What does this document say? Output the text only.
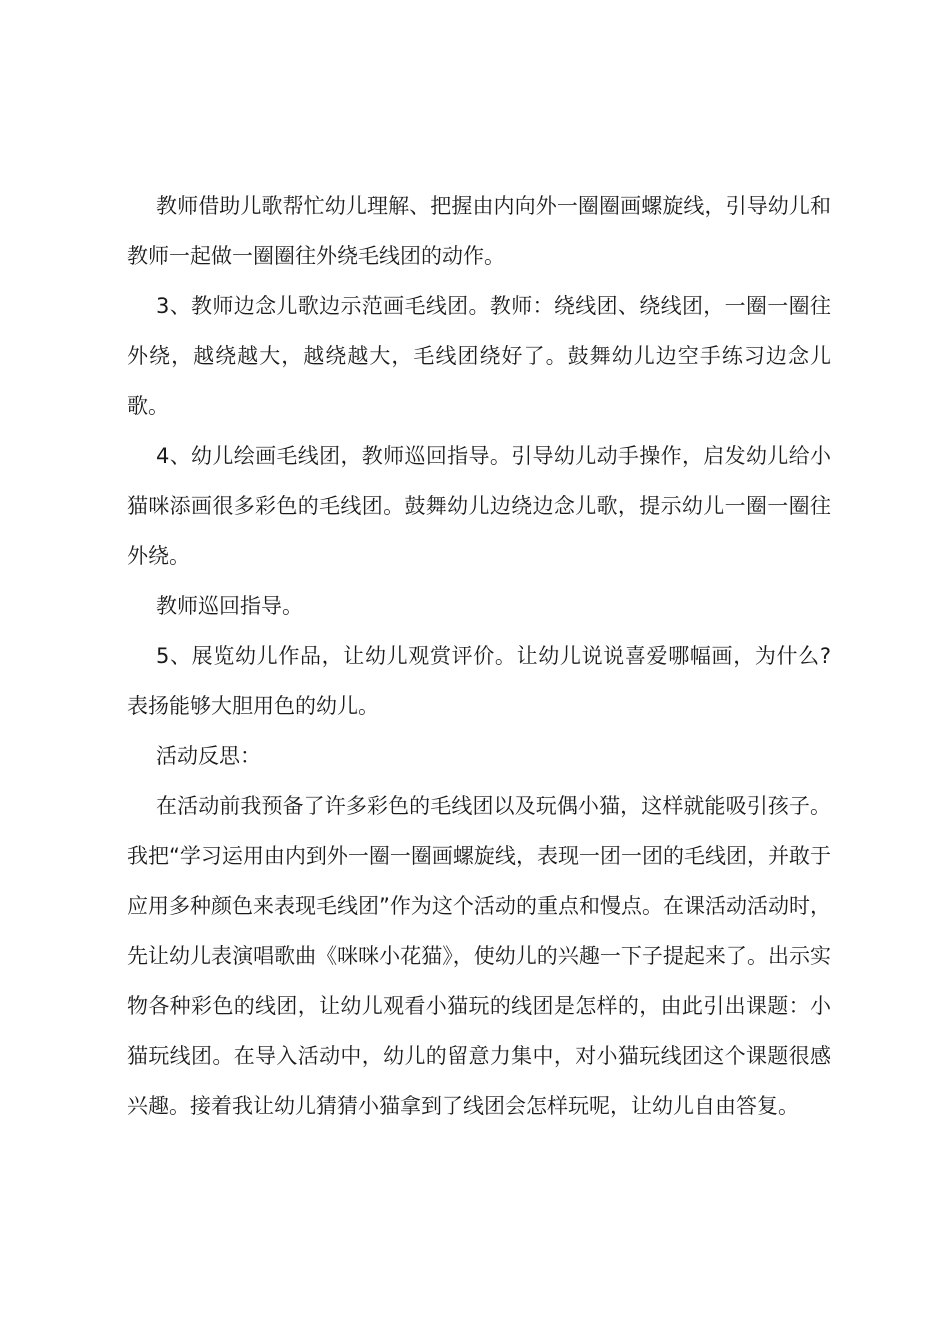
教师借助儿歌帮忙幼儿理解、把握由内向外一圈圈画螺旋线，引导幼儿和教师一起做一圈圈往外绕毛线团的动作。

3、教师边念儿歌边示范画毛线团。教师：绕线团、绕线团，一圈一圈往外绕，越绕越大，越绕越大，毛线团绕好了。鼓舞幼儿边空手练习边念儿歌。

4、幼儿绘画毛线团，教师巡回指导。引导幼儿动手操作，启发幼儿给小猫咪添画很多彩色的毛线团。鼓舞幼儿边绕边念儿歌，提示幼儿一圈一圈往外绕。

教师巡回指导。

5、展览幼儿作品，让幼儿观赏评价。让幼儿说说喜爱哪幅画，为什么?表扬能够大胆用色的幼儿。

活动反思：

在活动前我预备了许多彩色的毛线团以及玩偶小猫，这样就能吸引孩子。我把“学习运用由内到外一圈一圈画螺旋线，表现一团一团的毛线团，并敢于应用多种颜色来表现毛线团”作为这个活动的重点和慢点。在课活动活动时，先让幼儿表演唱歌曲《咪咪小花猫》，使幼儿的兴趣一下子提起来了。出示实物各种彩色的线团，让幼儿观看小猫玩的线团是怎样的，由此引出课题：小猫玩线团。在导入活动中，幼儿的留意力集中，对小猫玩线团这个课题很感兴趣。接着我让幼儿猜猜小猫拿到了线团会怎样玩呢，让幼儿自由答复。
